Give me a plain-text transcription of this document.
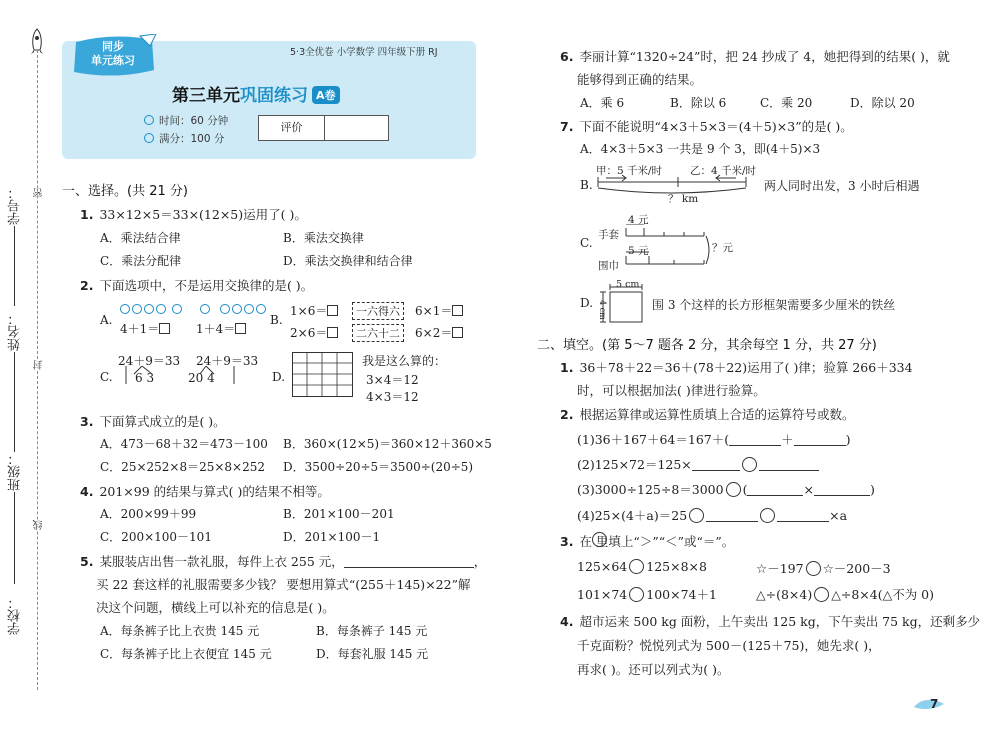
密
封
线
学号：
姓名：
班级：
学校：
同步
单元练习
5·3全优卷 小学数学 四年级下册 RJ
第三单元巩固练习 A卷
时间：60 分钟
满分：100 分
评价
一、选择。(共 21 分)
1. 33×12×5＝33×(12×5)运用了( )。
A．乘法结合律	B．乘法交换律
C．乘法分配律	D．乘法交换律和结合律
2. 下面选项中，不是运用交换律的是( )。
A.

4＋1＝	1＋4＝
B.
1×6＝
2×6＝
一六得六
二六十二
6×1＝
6×2＝
C.
24＋9＝33
6 3
24＋9＝33
20 4	D.
我是这么算的：
3×4＝12
4×3＝12
3. 下面算式成立的是( )。
A．473－68＋32＝473－100 B．360×(12×5)＝360×12＋360×5
C．25×252×8＝25×8×252 D．3500÷20÷5＝3500÷(20÷5)
4. 201×99 的结果与算式( )的结果不相等。
A．200×99＋99	B．201×100－201
C．200×100－101	D．201×100－1
5. 某服装店出售一款礼服，每件上衣 255 元，	，
买 22 套这样的礼服需要多少钱？ 要想用算式“(255＋145)×22”解
决这个问题，横线上可以补充的信息是( )。
A．每条裤子比上衣贵 145 元	B．每条裤子 145 元
C．每条裤子比上衣便宜 145 元	D．每套礼服 145 元
6. 李丽计算“1320÷24”时，把 24 抄成了 4，她把得到的结果( )，就
能够得到正确的结果。
A．乘 6	B．除以 6	C．乘 20	D．除以 20
7. 下面不能说明“4×3＋5×3＝(4＋5)×3”的是( )。
A．4×3＋5×3 一共是 9 个 3，即(4＋5)×3
B.
甲：5 千米/时	乙：4 千米/时
？ km
两人同时出发，3 小时后相遇
C.
4 元
手套
5 元
围巾
？元
D.
5 cm
4 cm	围 3 个这样的长方形框架需要多少厘米的铁丝
二、填空。(第 5～7 题各 2 分，其余每空 1 分，共 27 分)
1. 36＋78＋22＝36＋(78＋22)运用了( )律；验算 266＋334
时，可以根据加法( )律进行验算。
2. 根据运算律或运算性质填上合适的运算符号或数。
(1)36＋167＋64＝167＋(	＋	)
(2)125×72＝125×
(3)3000÷125÷8＝3000 (	×	)
(4)25×(4＋a)＝25	×a
3. 在 里填上“＞”“＜”或“＝”。
125×64 125×8×8	☆－197 ☆－200－3
101×74 100×74＋1	△÷(8×4) △÷8×4(△不为 0)
4. 超市运来 500 kg 面粉，上午卖出 125 kg，下午卖出 75 kg，还剩多少
千克面粉？悦悦列式为 500－(125＋75)，她先求( )，
再求( )。还可以列式为( )。
7
